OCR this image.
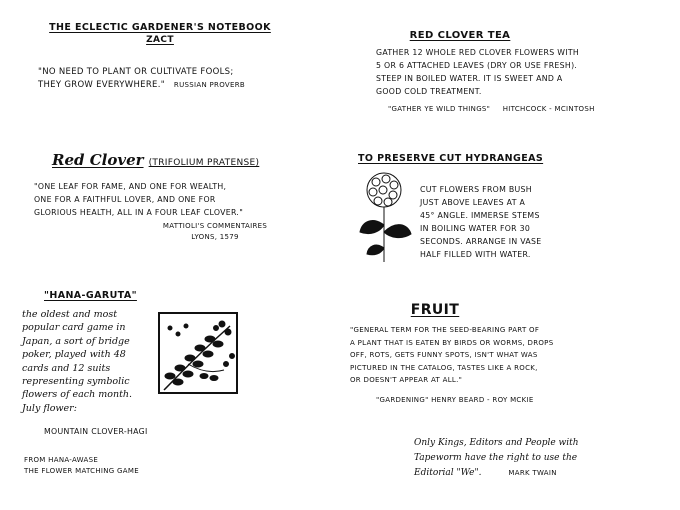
THE ECLECTIC GARDENER'S NOTEBOOK
ZACT
"NO NEED TO PLANT OR CULTIVATE FOOLS;
THEY GROW EVERYWHERE." RUSSIAN PROVERB
RED CLOVER TEA
GATHER 12 WHOLE RED CLOVER FLOWERS WITH
5 OR 6 ATTACHED LEAVES (DRY OR USE FRESH).
STEEP IN BOILED WATER. IT IS SWEET AND A
GOOD COLD TREATMENT.
"GATHER YE WILD THINGS" HITCHCOCK - MCINTOSH
Red Clover (TRIFOLIUM PRATENSE)
"ONE LEAF FOR FAME, AND ONE FOR WEALTH,
ONE FOR A FAITHFUL LOVER, AND ONE FOR
GLORIOUS HEALTH, ALL IN A FOUR LEAF CLOVER."
MATTIOLI'S COMMENTAIRES
LYONS, 1579
TO PRESERVE CUT HYDRANGEAS
CUT FLOWERS FROM BUSH
JUST ABOVE LEAVES AT A
45° ANGLE. IMMERSE STEMS
IN BOILING WATER FOR 30
SECONDS. ARRANGE IN VASE
HALF FILLED WITH WATER.
"HANA-GARUTA"
the oldest and most
popular card game in
Japan, a sort of bridge
poker, played with 48
cards and 12 suits
representing symbolic
flowers of each month.
July flower:
MOUNTAIN CLOVER-HAGI
FROM HANA-AWASE
THE FLOWER MATCHING GAME
FRUIT
"GENERAL TERM FOR THE SEED-BEARING PART OF
A PLANT THAT IS EATEN BY BIRDS OR WORMS, DROPS
OFF, ROTS, GETS FUNNY SPOTS, ISN'T WHAT WAS
PICTURED IN THE CATALOG, TASTES LIKE A ROCK,
OR DOESN'T APPEAR AT ALL."
"GARDENING" HENRY BEARD - ROY MCKIE
Only Kings, Editors and People with
Tapeworm have the right to use the
Editorial "We".	MARK TWAIN
